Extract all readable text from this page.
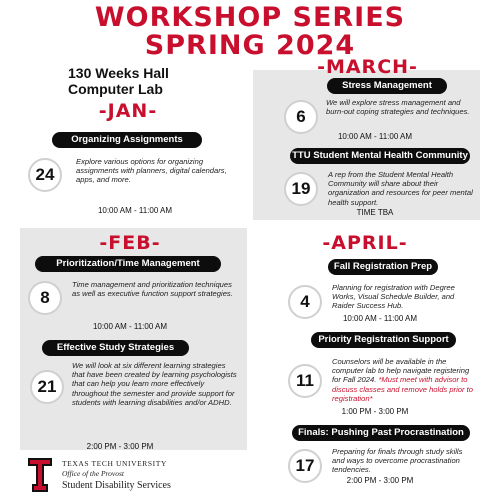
WORKSHOP SERIES
SPRING 2024
130 Weeks Hall
Computer Lab
-JAN-
Organizing Assignments
24
Explore various options for organizing assignments with planners, digital calendars, apps, and more.
10:00 AM - 11:00 AM
-MARCH-
Stress Management
6
We will explore stress management and burn-out coping strategies and techniques.
10:00 AM - 11:00 AM
TTU Student Mental Health Community
19
A rep from the Student Mental Health Community will share about their organization and resources for peer mental health support.
TIME TBA
-FEB-
Prioritization/Time Management
8
Time management and prioritization techniques as well as executive function support strategies.
10:00 AM - 11:00 AM
Effective Study Strategies
21
We will look at six different learning strategies that have been created by learning psychologists that can help you learn more effectively throughout the semester and provide support for students with learning disabilities and/or ADHD.
2:00 PM - 3:00 PM
-APRIL-
Fall Registration Prep
4
Planning for registration with Degree Works, Visual Schedule Builder, and Raider Success Hub.
10:00 AM - 11:00 AM
Priority Registration Support
11
Counselors will be available in the computer lab to help navigate registering for Fall 2024. *Must meet with advisor to discuss classes and remove holds prior to registration*
1:00 PM - 3:00 PM
Finals: Pushing Past Procrastination
17
Preparing for finals through study skills and ways to overcome procrastination tendencies.
2:00 PM - 3:00 PM
TEXAS TECH UNIVERSITY
Office of the Provost
Student Disability Services
